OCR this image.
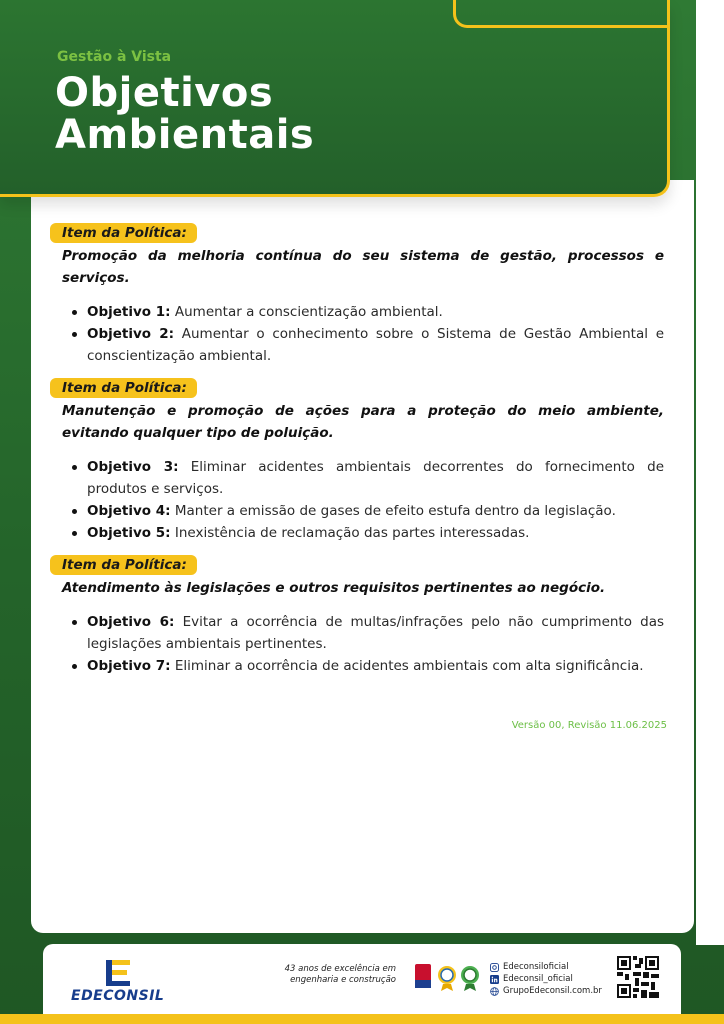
Gestão à Vista
Objetivos Ambientais
Item da Política:
Promoção da melhoria contínua do seu sistema de gestão, processos e serviços.
Objetivo 1: Aumentar a conscientização ambiental.
Objetivo 2: Aumentar o conhecimento sobre o Sistema de Gestão Ambiental e conscientização ambiental.
Item da Política:
Manutenção e promoção de ações para a proteção do meio ambiente, evitando qualquer tipo de poluição.
Objetivo 3: Eliminar acidentes ambientais decorrentes do fornecimento de produtos e serviços.
Objetivo 4: Manter a emissão de gases de efeito estufa dentro da legislação.
Objetivo 5: Inexistência de reclamação das partes interessadas.
Item da Política:
Atendimento às legislações e outros requisitos pertinentes ao negócio.
Objetivo 6: Evitar a ocorrência de multas/infrações pelo não cumprimento das legislações ambientais pertinentes.
Objetivo 7: Eliminar a ocorrência de acidentes ambientais com alta significância.
Versão 00, Revisão 11.06.2025
EDECONSIL
43 anos de excelência em
engenharia e construção
Edeconsiloficial
Edeconsil_oficial
GrupoEdeconsil.com.br
